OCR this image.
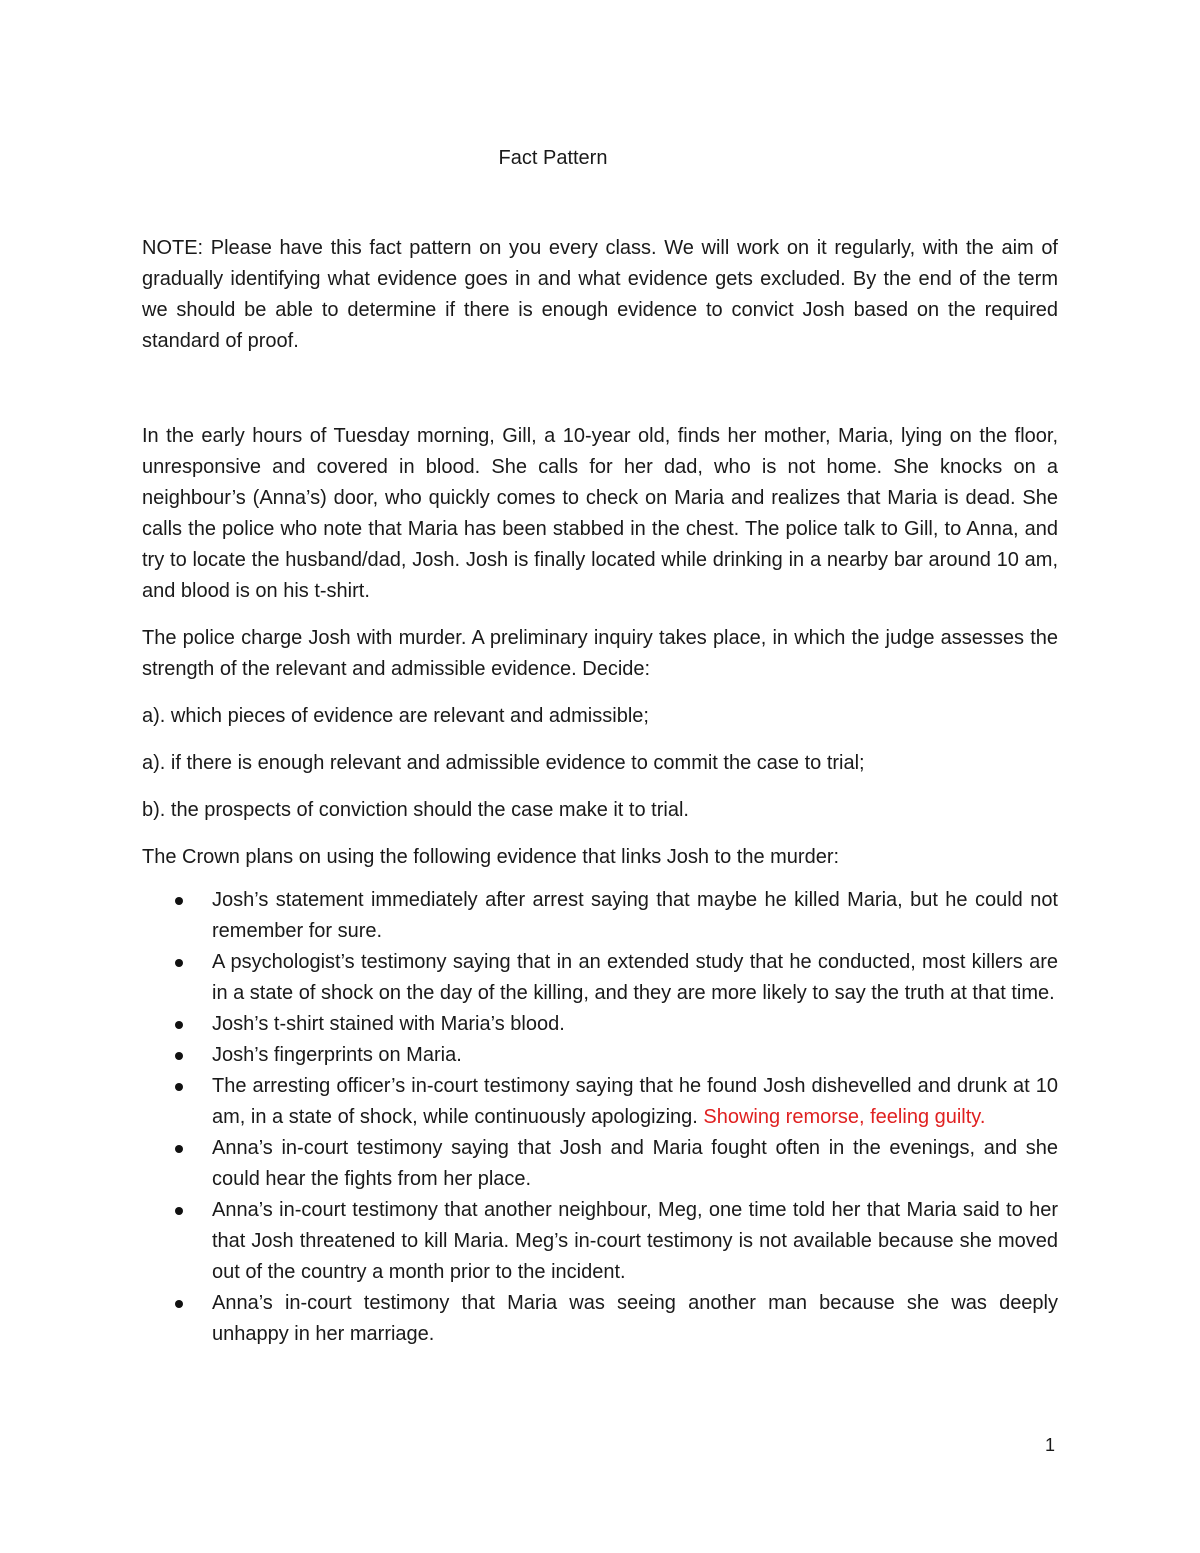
Fact Pattern

NOTE: Please have this fact pattern on you every class. We will work on it regularly, with the aim of gradually identifying what evidence goes in and what evidence gets excluded. By the end of the term we should be able to determine if there is enough evidence to convict Josh based on the required standard of proof.

In the early hours of Tuesday morning, Gill, a 10-year old, finds her mother, Maria, lying on the floor, unresponsive and covered in blood. She calls for her dad, who is not home. She knocks on a neighbour’s (Anna’s) door, who quickly comes to check on Maria and realizes that Maria is dead. She calls the police who note that Maria has been stabbed in the chest. The police talk to Gill, to Anna, and try to locate the husband/dad, Josh. Josh is finally located while drinking in a nearby bar around 10 am, and blood is on his t-shirt.

The police charge Josh with murder. A preliminary inquiry takes place, in which the judge assesses the strength of the relevant and admissible evidence. Decide:

a). which pieces of evidence are relevant and admissible;

a). if there is enough relevant and admissible evidence to commit the case to trial;

b). the prospects of conviction should the case make it to trial.

The Crown plans on using the following evidence that links Josh to the murder:

Josh’s statement immediately after arrest saying that maybe he killed Maria, but he could not remember for sure.
A psychologist’s testimony saying that in an extended study that he conducted, most killers are in a state of shock on the day of the killing, and they are more likely to say the truth at that time.
Josh’s t-shirt stained with Maria’s blood.
Josh’s fingerprints on Maria.
The arresting officer’s in-court testimony saying that he found Josh dishevelled and drunk at 10 am, in a state of shock, while continuously apologizing. Showing remorse, feeling guilty.
Anna’s in-court testimony saying that Josh and Maria fought often in the evenings, and she could hear the fights from her place.
Anna’s in-court testimony that another neighbour, Meg, one time told her that Maria said to her that Josh threatened to kill Maria. Meg’s in-court testimony is not available because she moved out of the country a month prior to the incident.
Anna’s in-court testimony that Maria was seeing another man because she was deeply unhappy in her marriage.
1
